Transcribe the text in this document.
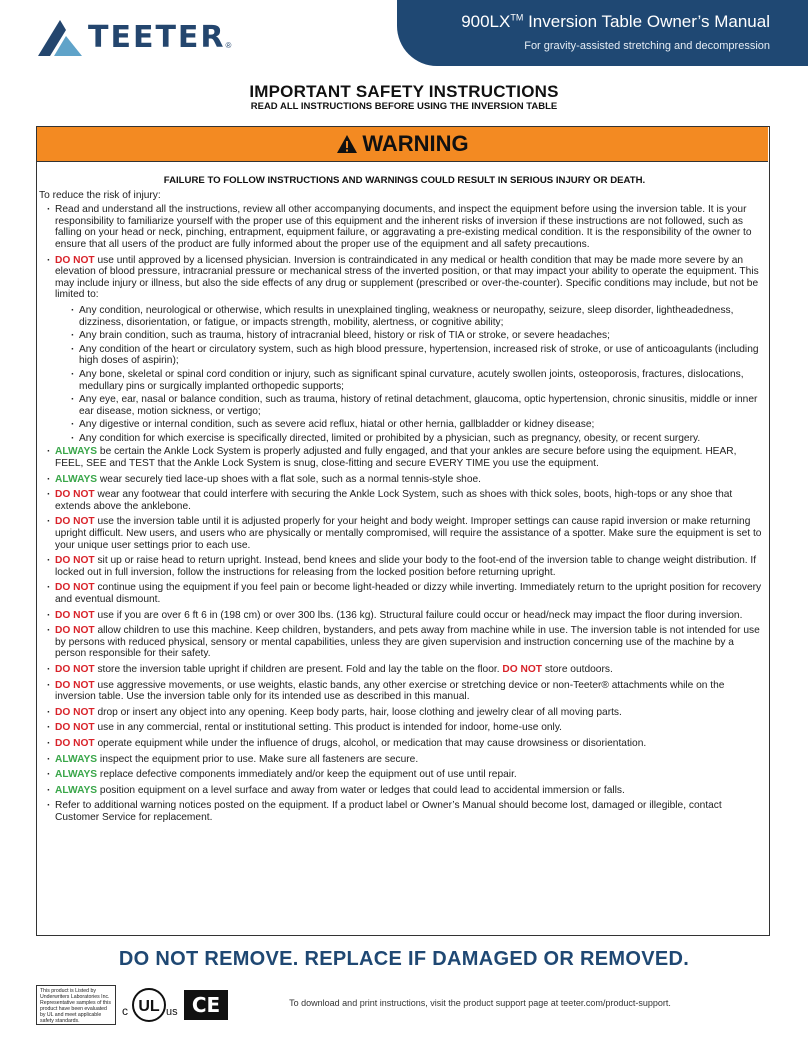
TEETER ®
900LX™ Inversion Table Owner’s Manual
For gravity-assisted stretching and decompression
IMPORTANT SAFETY INSTRUCTIONS
READ ALL INSTRUCTIONS BEFORE USING THE INVERSION TABLE
WARNING

FAILURE TO FOLLOW INSTRUCTIONS AND WARNINGS COULD RESULT IN SERIOUS INJURY OR DEATH.

To reduce the risk of injury:

· Read and understand all the instructions, review all other accompanying documents, and inspect the equipment before using the inversion table. It is your responsibility to familiarize yourself with the proper use of this equipment and the inherent risks of inversion if these instructions are not followed, such as falling on your head or neck, pinching, entrapment, equipment failure, or aggravating a pre-existing medical condition. It is the responsibility of the owner to ensure that all users of the product are fully informed about the proper use of the equipment and all safety precautions.
· DO NOT use until approved by a licensed physician. Inversion is contraindicated in any medical or health condition that may be made more severe by an elevation of blood pressure, intracranial pressure or mechanical stress of the inverted position, or that may impact your ability to operate the equipment. This may include injury or illness, but also the side effects of any drug or supplement (prescribed or over-the-counter). Specific conditions may include, but not be limited to:
· Any condition, neurological or otherwise, which results in unexplained tingling, weakness or neuropathy, seizure, sleep disorder, lightheadedness, dizziness, disorientation, or fatigue, or impacts strength, mobility, alertness, or cognitive ability;
· Any brain condition, such as trauma, history of intracranial bleed, history or risk of TIA or stroke, or severe headaches;
· Any condition of the heart or circulatory system, such as high blood pressure, hypertension, increased risk of stroke, or use of anticoagulants (including high doses of aspirin);
· Any bone, skeletal or spinal cord condition or injury, such as significant spinal curvature, acutely swollen joints, osteoporosis, fractures, dislocations, medullary pins or surgically implanted orthopedic supports;
· Any eye, ear, nasal or balance condition, such as trauma, history of retinal detachment, glaucoma, optic hypertension, chronic sinusitis, middle or inner ear disease, motion sickness, or vertigo;
· Any digestive or internal condition, such as severe acid reflux, hiatal or other hernia, gallbladder or kidney disease;
· Any condition for which exercise is specifically directed, limited or prohibited by a physician, such as pregnancy, obesity, or recent surgery.
· ALWAYS be certain the Ankle Lock System is properly adjusted and fully engaged, and that your ankles are secure before using the equipment. HEAR, FEEL, SEE and TEST that the Ankle Lock System is snug, close-fitting and secure EVERY TIME you use the equipment.
· ALWAYS wear securely tied lace-up shoes with a flat sole, such as a normal tennis-style shoe.
· DO NOT wear any footwear that could interfere with securing the Ankle Lock System, such as shoes with thick soles, boots, high-tops or any shoe that extends above the anklebone.
· DO NOT use the inversion table until it is adjusted properly for your height and body weight. Improper settings can cause rapid inversion or make returning upright difficult. New users, and users who are physically or mentally compromised, will require the assistance of a spotter. Make sure the equipment is set to your unique user settings prior to each use.
· DO NOT sit up or raise head to return upright. Instead, bend knees and slide your body to the foot-end of the inversion table to change weight distribution. If locked out in full inversion, follow the instructions for releasing from the locked position before returning upright.
· DO NOT continue using the equipment if you feel pain or become light-headed or dizzy while inverting. Immediately return to the upright position for recovery and eventual dismount.
· DO NOT use if you are over 6 ft 6 in (198 cm) or over 300 lbs. (136 kg). Structural failure could occur or head/neck may impact the floor during inversion.
· DO NOT allow children to use this machine. Keep children, bystanders, and pets away from machine while in use. The inversion table is not intended for use by persons with reduced physical, sensory or mental capabilities, unless they are given supervision and instruction concerning use of the machine by a person responsible for their safety.
· DO NOT store the inversion table upright if children are present. Fold and lay the table on the floor. DO NOT store outdoors.
· DO NOT use aggressive movements, or use weights, elastic bands, any other exercise or stretching device or non-Teeter® attachments while on the inversion table. Use the inversion table only for its intended use as described in this manual.
· DO NOT drop or insert any object into any opening. Keep body parts, hair, loose clothing and jewelry clear of all moving parts.
· DO NOT use in any commercial, rental or institutional setting. This product is intended for indoor, home-use only.
· DO NOT operate equipment while under the influence of drugs, alcohol, or medication that may cause drowsiness or disorientation.
· ALWAYS inspect the equipment prior to use. Make sure all fasteners are secure.
· ALWAYS replace defective components immediately and/or keep the equipment out of use until repair.
· ALWAYS position equipment on a level surface and away from water or ledges that could lead to accidental immersion or falls.
· Refer to additional warning notices posted on the equipment. If a product label or Owner’s Manual should become lost, damaged or illegible, contact Customer Service for replacement.
DO NOT REMOVE. REPLACE IF DAMAGED OR REMOVED.
This product is Listed by Underwriters Laboratories Inc. Representative samples of this product have been evaluated by UL and meet applicable safety standards.
c UL us CE	To download and print instructions, visit the product support page at teeter.com/product-support.
